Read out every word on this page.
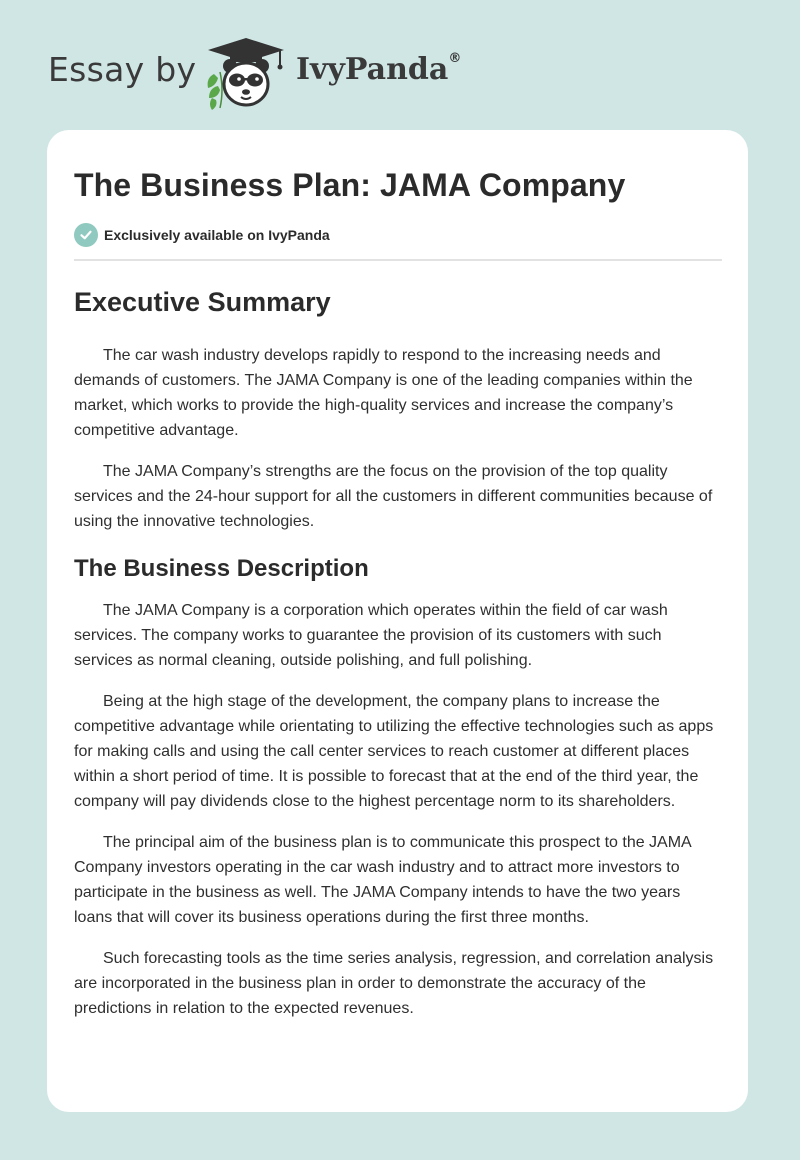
Essay by	IvyPanda®
The Business Plan: JAMA Company
Exclusively available on IvyPanda
Executive Summary

The car wash industry develops rapidly to respond to the increasing needs and demands of customers. The JAMA Company is one of the leading companies within the market, which works to provide the high-quality services and increase the company’s competitive advantage.

The JAMA Company’s strengths are the focus on the provision of the top quality services and the 24-hour support for all the customers in different communities because of using the innovative technologies.

The Business Description

The JAMA Company is a corporation which operates within the field of car wash services. The company works to guarantee the provision of its customers with such services as normal cleaning, outside polishing, and full polishing.

Being at the high stage of the development, the company plans to increase the competitive advantage while orientating to utilizing the effective technologies such as apps for making calls and using the call center services to reach customer at different places within a short period of time. It is possible to forecast that at the end of the third year, the company will pay dividends close to the highest percentage norm to its shareholders.

The principal aim of the business plan is to communicate this prospect to the JAMA Company investors operating in the car wash industry and to attract more investors to participate in the business as well. The JAMA Company intends to have the two years loans that will cover its business operations during the first three months.

Such forecasting tools as the time series analysis, regression, and correlation analysis are incorporated in the business plan in order to demonstrate the accuracy of the predictions in relation to the expected revenues.
